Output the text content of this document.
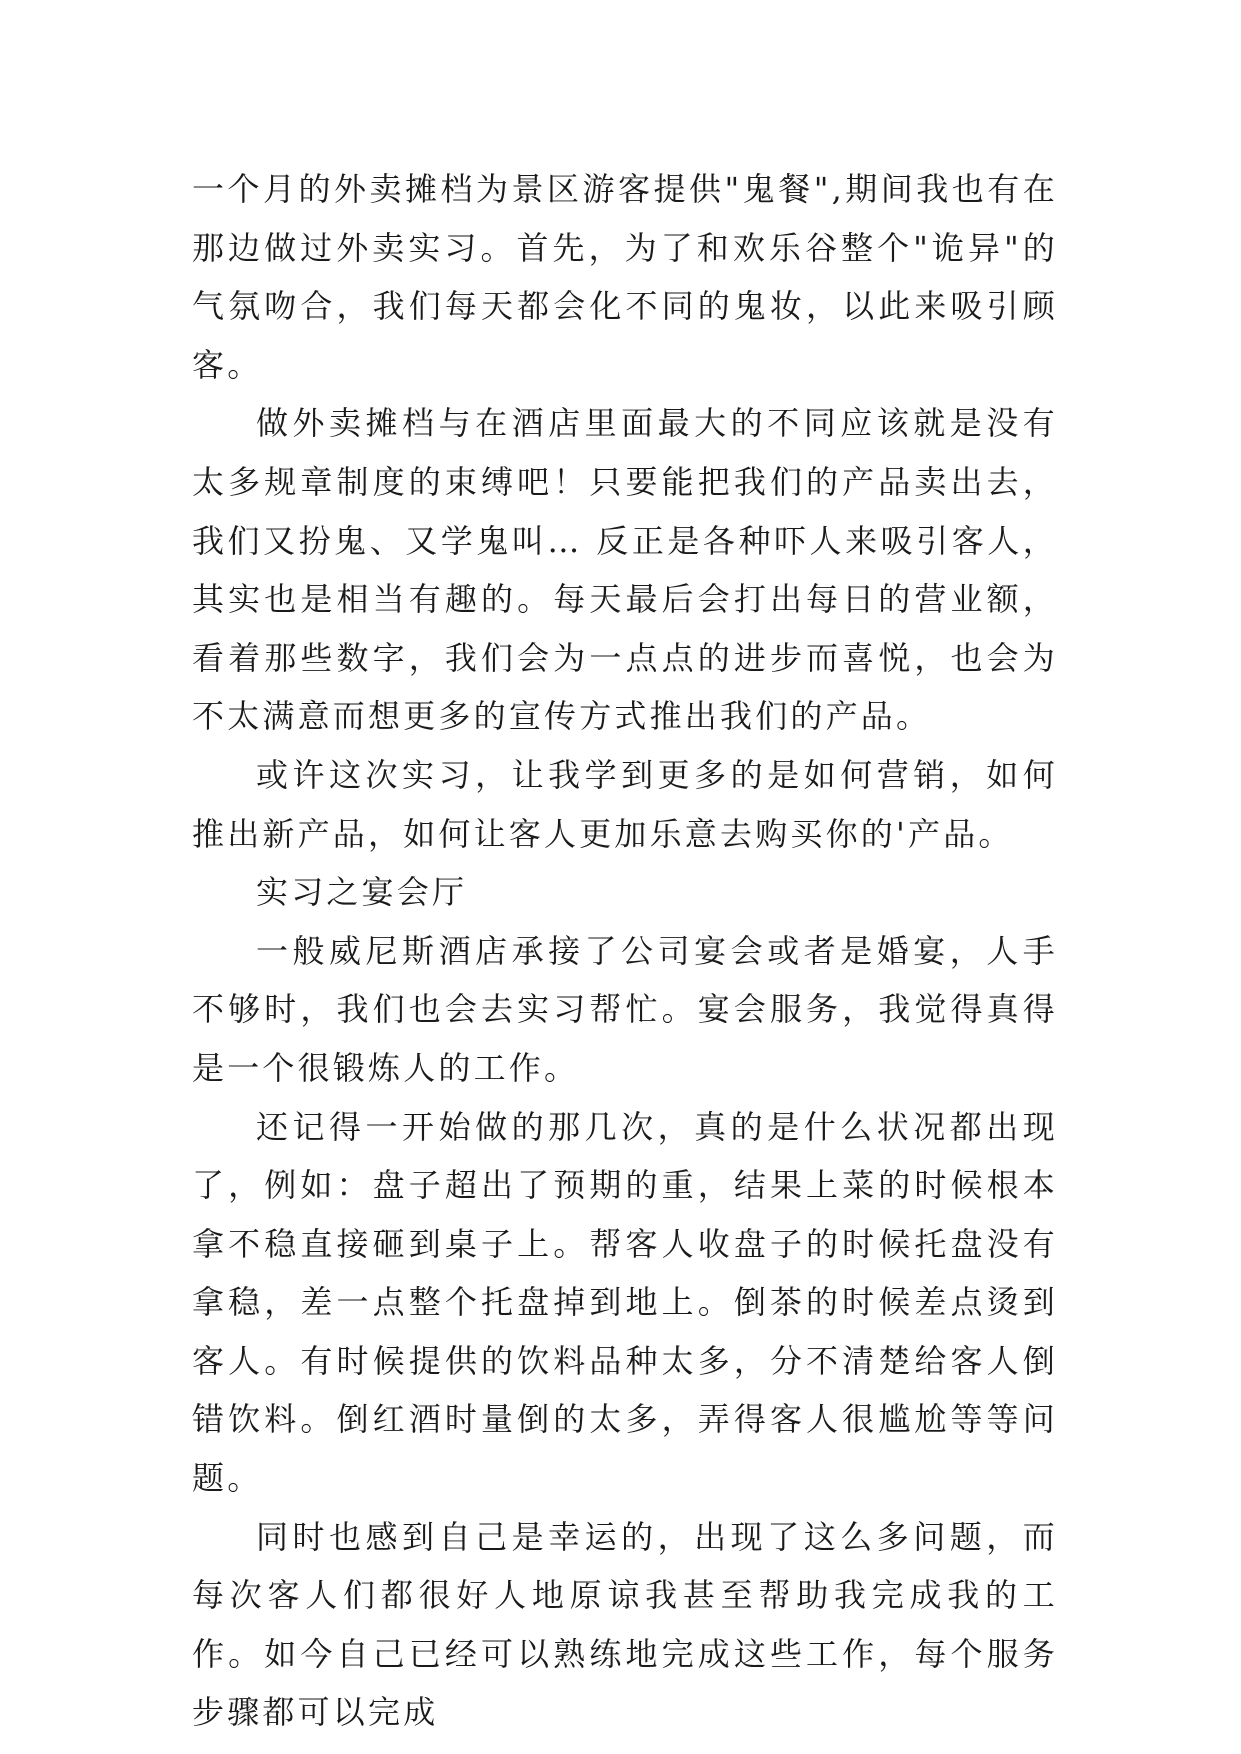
一个月的外卖摊档为景区游客提供"鬼餐",期间我也有在那边做过外卖实习。首先，为了和欢乐谷整个"诡异"的气氛吻合，我们每天都会化不同的鬼妆，以此来吸引顾客。

做外卖摊档与在酒店里面最大的不同应该就是没有太多规章制度的束缚吧！只要能把我们的产品卖出去，我们又扮鬼、又学鬼叫… 反正是各种吓人来吸引客人，其实也是相当有趣的。每天最后会打出每日的营业额，看着那些数字，我们会为一点点的进步而喜悦，也会为不太满意而想更多的宣传方式推出我们的产品。

或许这次实习，让我学到更多的是如何营销，如何推出新产品，如何让客人更加乐意去购买你的'产品。

实习之宴会厅

一般威尼斯酒店承接了公司宴会或者是婚宴，人手不够时，我们也会去实习帮忙。宴会服务，我觉得真得是一个很锻炼人的工作。

还记得一开始做的那几次，真的是什么状况都出现了，例如：盘子超出了预期的重，结果上菜的时候根本拿不稳直接砸到桌子上。帮客人收盘子的时候托盘没有拿稳，差一点整个托盘掉到地上。倒茶的时候差点烫到客人。有时候提供的饮料品种太多，分不清楚给客人倒错饮料。倒红酒时量倒的太多，弄得客人很尴尬等等问题。

同时也感到自己是幸运的，出现了这么多问题，而每次客人们都很好人地原谅我甚至帮助我完成我的工作。如今自己已经可以熟练地完成这些工作，每个服务步骤都可以完成
